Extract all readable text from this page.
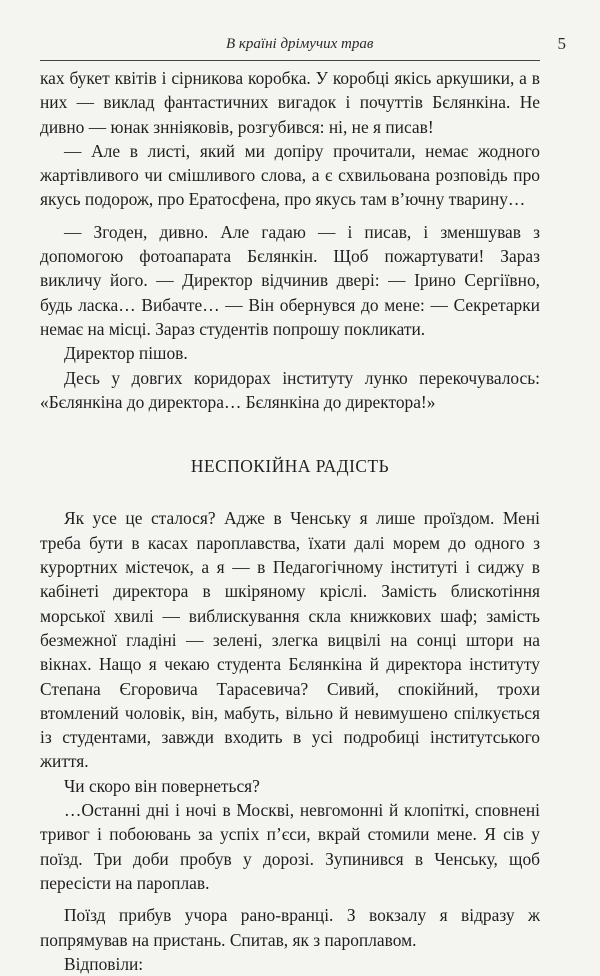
В країні дрімучих трав	5

ках букет квітів і сірникова коробка. У коробці якісь аркушики, а в них — виклад фантастичних вигадок і почуттів Бєлянкіна. Не дивно — юнак знніяковів, розгубився: ні, не я писав!

— Але в листі, який ми допіру прочитали, немає жодного жартівливого чи смішливого слова, а є схвильована розповідь про якусь подорож, про Ератосфена, про якусь там в’ючну тварину…

— Згоден, дивно. Але гадаю — і писав, і зменшував з допомогою фотоапарата Бєлянкін. Щоб пожартувати! Зараз викличу його. — Директор відчинив двері: — Ірино Сергіївно, будь ласка… Вибачте… — Він обернувся до мене: — Секретарки немає на місці. Зараз студентів попрошу покликати.

Директор пішов.

Десь у довгих коридорах інституту лунко перекочувалось: «Бєлянкіна до директора… Бєлянкіна до директора!»

НЕСПОКІЙНА РАДІСТЬ

Як усе це сталося? Адже в Ченську я лише проїздом. Мені треба бути в касах пароплавства, їхати далі морем до одного з курортних містечок, а я — в Педагогічному інституті і сиджу в кабінеті директора в шкіряному кріслі. Замість блискотіння морської хвилі — виблискування скла книжкових шаф; замість безмежної гладіні — зелені, злегка вицвілі на сонці штори на вікнах. Нащо я чекаю студента Бєлянкіна й директора інституту Степана Єгоровича Тарасевича? Сивий, спокійний, трохи втомлений чоловік, він, мабуть, вільно й невимушено спілкується із студентами, завжди входить в усі подробиці інститутського життя.

Чи скоро він повернеться?

…Останні дні і ночі в Москві, невгомонні й клопіткі, сповнені тривог і побоювань за успіх п’єси, вкрай стомили мене. Я сів у поїзд. Три доби пробув у дорозі. Зупинився в Ченську, щоб пересісти на пароплав.

Поїзд прибув учора рано-вранці. З вокзалу я відразу ж попрямував на пристань. Спитав, як з пароплавом.

Відповіли:
